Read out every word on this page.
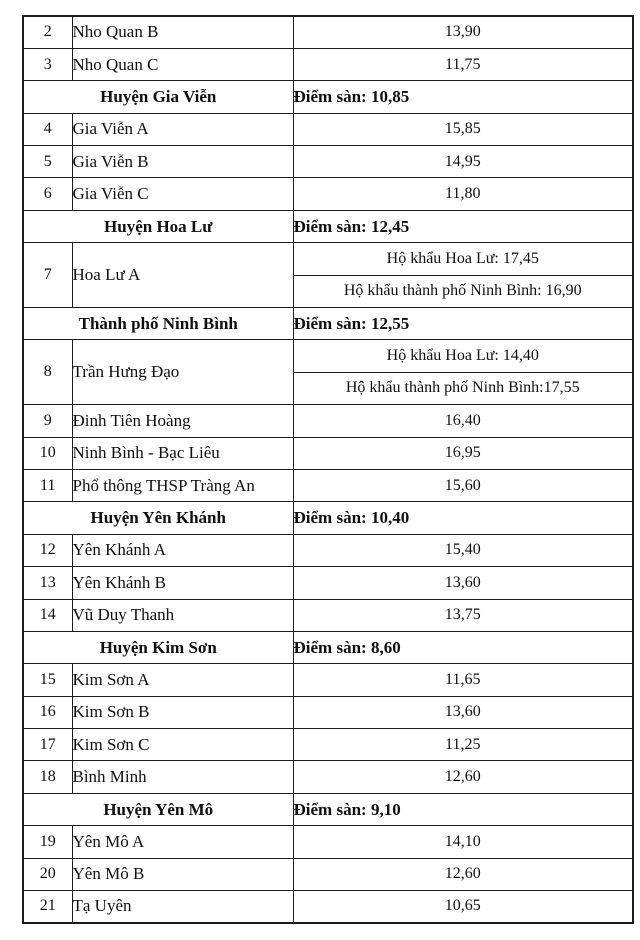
2	Nho Quan B	13,90
3	Nho Quan C	11,75
Huyện Gia Viễn		Điểm sàn: 10,85
4	Gia Viễn A	15,85
5	Gia Viễn B	14,95
6	Gia Viễn C	11,80
Huyện Hoa Lư		Điểm sàn: 12,45
7	Hoa Lư A	Hộ khẩu Hoa Lư: 17,45
		Hộ khẩu thành phố Ninh Bình: 16,90
Thành phố Ninh Bình		Điểm sàn: 12,55
8	Trần Hưng Đạo	Hộ khẩu Hoa Lư: 14,40
		Hộ khẩu thành phố Ninh Bình:17,55
9	Đinh Tiên Hoàng	16,40
10	Ninh Bình - Bạc Liêu	16,95
11	Phổ thông THSP Tràng An	15,60
Huyện Yên Khánh		Điểm sàn: 10,40
12	Yên Khánh A	15,40
13	Yên Khánh B	13,60
14	Vũ Duy Thanh	13,75
Huyện Kim Sơn		Điểm sàn: 8,60
15	Kim Sơn A	11,65
16	Kim Sơn B	13,60
17	Kim Sơn C	11,25
18	Bình Minh	12,60
Huyện Yên Mô		Điểm sàn: 9,10
19	Yên Mô A	14,10
20	Yên Mô B	12,60
21	Tạ Uyên	10,65
